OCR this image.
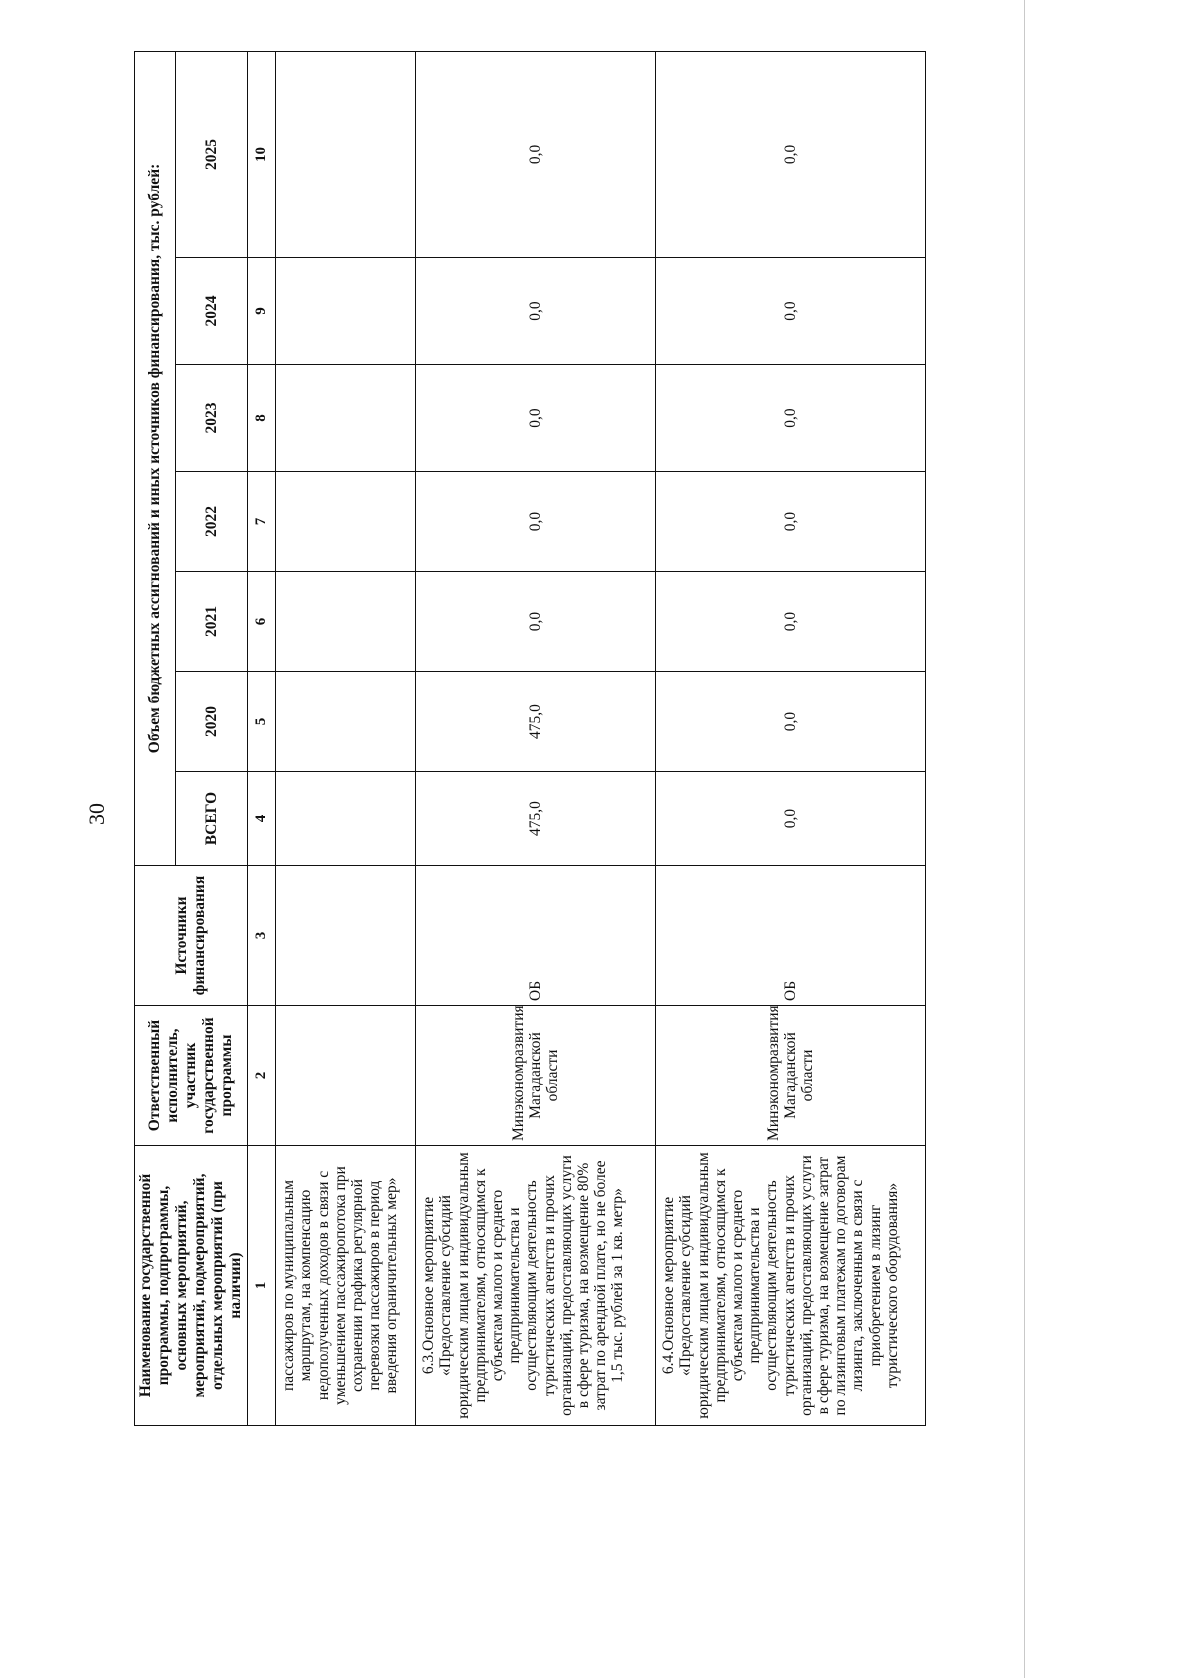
30
Наименование государственной программы, подпрограммы, основных мероприятий, мероприятий, подмероприятий, отдельных мероприятий (при наличии)	Ответственный исполнитель, участник государственной программы	Источники финансирования	Объем бюджетных ассигнований и иных источников финансирования, тыс. рублей:						
			ВСЕГО	2020	2021	2022	2023	2024	2025
1	2	3	4	5	6	7	8	9	10
пассажиров по муниципальным маршрутам, на компенсацию недополученных доходов в связи с уменьшением пассажиропотока при сохранении графика регулярной перевозки пассажиров в период введения ограничительных мер»									
6.3.Основное мероприятие «Предоставление субсидий юридическим лицам и индивидуальным предпринимателям, относящимся к субъектам малого и среднего предпринимательства и осуществляющим деятельность туристических агентств и прочих организаций, предоставляющих услуги в сфере туризма, на возмещение 80% затрат по арендной плате, но не более 1,5 тыс. рублей за 1 кв. метр»	Минэкономразвития Магаданской области	ОБ	475,0	475,0	0,0	0,0	0,0	0,0	0,0
6.4.Основное мероприятие «Предоставление субсидий юридическим лицам и индивидуальным предпринимателям, относящимся к субъектам малого и среднего предпринимательства и осуществляющим деятельность туристических агентств и прочих организаций, предоставляющих услуги в сфере туризма, на возмещение затрат по лизинговым платежам по договорам лизинга, заключенным в связи с приобретением в лизинг туристического оборудования»	Минэкономразвития Магаданской области	ОБ	0,0	0,0	0,0	0,0	0,0	0,0	0,0
